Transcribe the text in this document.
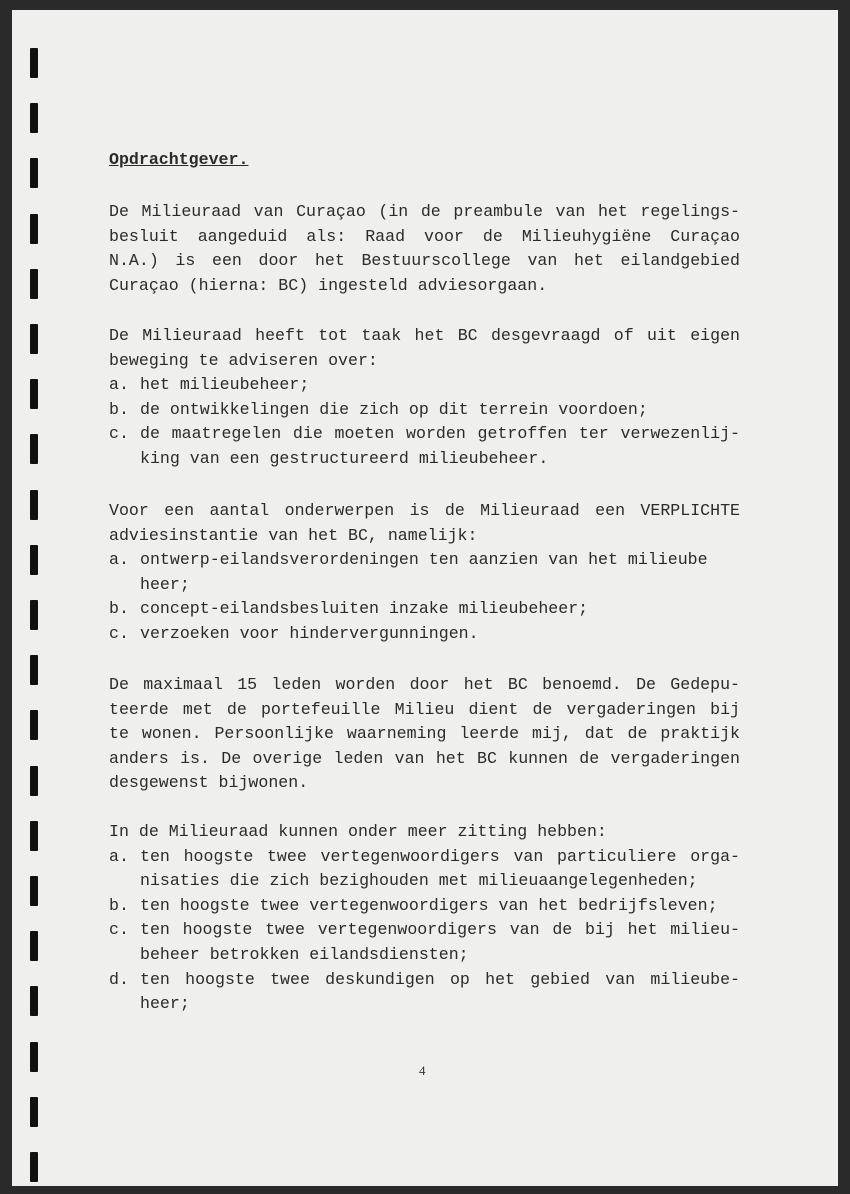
Opdrachtgever.
4
De Milieuraad van Curaçao (in de preambule van het regelings-
besluit aangeduid als: Raad voor de Milieuhygiëne Curaçao
N.A.) is een door het Bestuurscollege van het eilandgebied
Curaçao (hierna: BC) ingesteld adviesorgaan.
De Milieuraad heeft tot taak het BC desgevraagd of uit eigen
beweging te adviseren over:
a. het milieubeheer;
b. de ontwikkelingen die zich op dit terrein voordoen;
c. de maatregelen die moeten worden getroffen ter verwezenlij-
king van een gestructureerd milieubeheer.
Voor een aantal onderwerpen is de Milieuraad een VERPLICHTE
adviesinstantie van het BC, namelijk:
a. ontwerp-eilandsverordeningen ten aanzien van het milieube
heer;
b. concept-eilandsbesluiten inzake milieubeheer;
c. verzoeken voor hindervergunningen.
De maximaal 15 leden worden door het BC benoemd. De Gedepu-
teerde met de portefeuille Milieu dient de vergaderingen bij
te wonen. Persoonlijke waarneming leerde mij, dat de praktijk
anders is. De overige leden van het BC kunnen de vergaderingen
desgewenst bijwonen.
In de Milieuraad kunnen onder meer zitting hebben:
a. ten hoogste twee vertegenwoordigers van particuliere orga-
nisaties die zich bezighouden met milieuaangelegenheden;
b. ten hoogste twee vertegenwoordigers van het bedrijfsleven;
c. ten hoogste twee vertegenwoordigers van de bij het milieu-
beheer betrokken eilandsdiensten;
d. ten hoogste twee deskundigen op het gebied van milieube-
heer;
